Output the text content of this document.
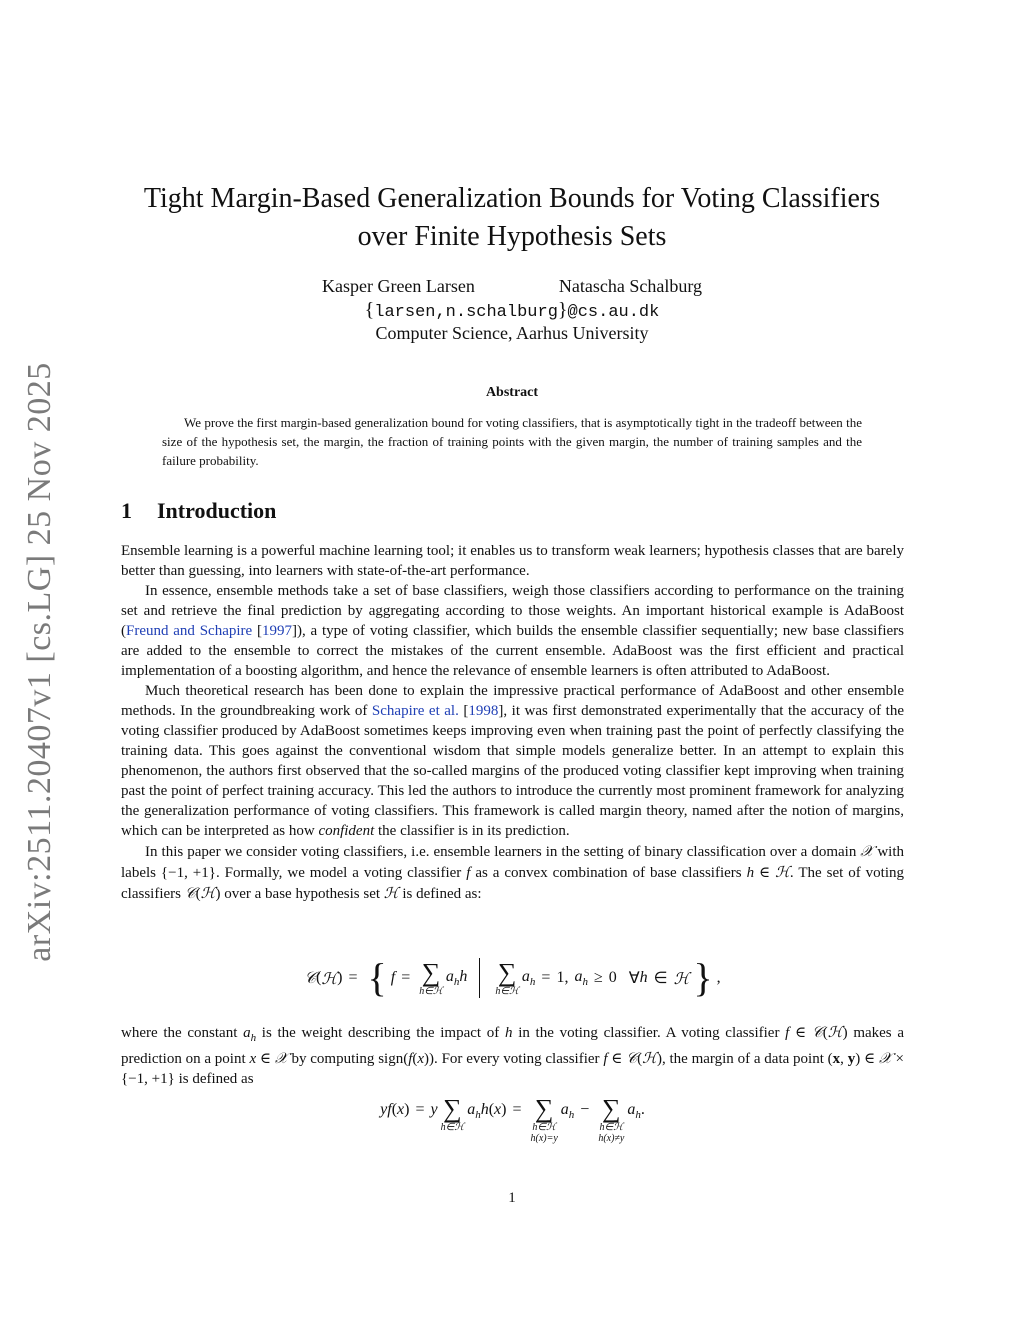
arXiv:2511.20407v1 [cs.LG] 25 Nov 2025
Tight Margin-Based Generalization Bounds for Voting Classifiers
over Finite Hypothesis Sets
Kasper Green Larsen	Natascha Schalburg
{larsen,n.schalburg}@cs.au.dk
Computer Science, Aarhus University
Abstract
We prove the first margin-based generalization bound for voting classifiers, that is asymptotically tight in the tradeoff between the size of the hypothesis set, the margin, the fraction of training points with the given margin, the number of training samples and the failure probability.
1 Introduction

Ensemble learning is a powerful machine learning tool; it enables us to transform weak learners; hypothesis classes that are barely better than guessing, into learners with state-of-the-art performance.

In essence, ensemble methods take a set of base classifiers, weigh those classifiers according to performance on the training set and retrieve the final prediction by aggregating according to those weights. An important historical example is AdaBoost (Freund and Schapire [1997]), a type of voting classifier, which builds the ensemble classifier sequentially; new base classifiers are added to the ensemble to correct the mistakes of the current ensemble. AdaBoost was the first efficient and practical implementation of a boosting algorithm, and hence the relevance of ensemble learners is often attributed to AdaBoost.

Much theoretical research has been done to explain the impressive practical performance of AdaBoost and other ensemble methods. In the groundbreaking work of Schapire et al. [1998], it was first demonstrated experimentally that the accuracy of the voting classifier produced by AdaBoost sometimes keeps improving even when training past the point of perfectly classifying the training data. This goes against the conventional wisdom that simple models generalize better. In an attempt to explain this phenomenon, the authors first observed that the so-called margins of the produced voting classifier kept improving when training past the point of perfect training accuracy. This led the authors to introduce the currently most prominent framework for analyzing the generalization performance of voting classifiers. This framework is called margin theory, named after the notion of margins, which can be interpreted as how confident the classifier is in its prediction.

In this paper we consider voting classifiers, i.e. ensemble learners in the setting of binary classification over a domain 𝒳 with labels {−1, +1}. Formally, we model a voting classifier f as a convex combination of base classifiers h ∈ ℋ. The set of voting classifiers 𝒞(ℋ) over a base hypothesis set ℋ is defined as:

𝒞 ( ℋ ) = { f = ∑
h∈ℋ
$a_hh$ ∑
h∈ℋ
$a_h = 1$, $a_h \ge 0$ ∀ h ∈ ℋ } ,

where the constant $a_h$ is the weight describing the impact of h in the voting classifier. A voting classifier f ∈ 𝒞(ℋ) makes a prediction on a point x ∈ 𝒳 by computing sign(f(x)). For every voting classifier f ∈ 𝒞(ℋ), the margin of a data point (x, y) ∈ 𝒳 × {−1, +1} is defined as

yf (x) = y ∑
h∈ℋ
$a_hh$ (x) = ∑
h∈ℋ
h(x)=y
$a_h$ − ∑
h∈ℋ
h(x)≠y
$a_h$ .
1
